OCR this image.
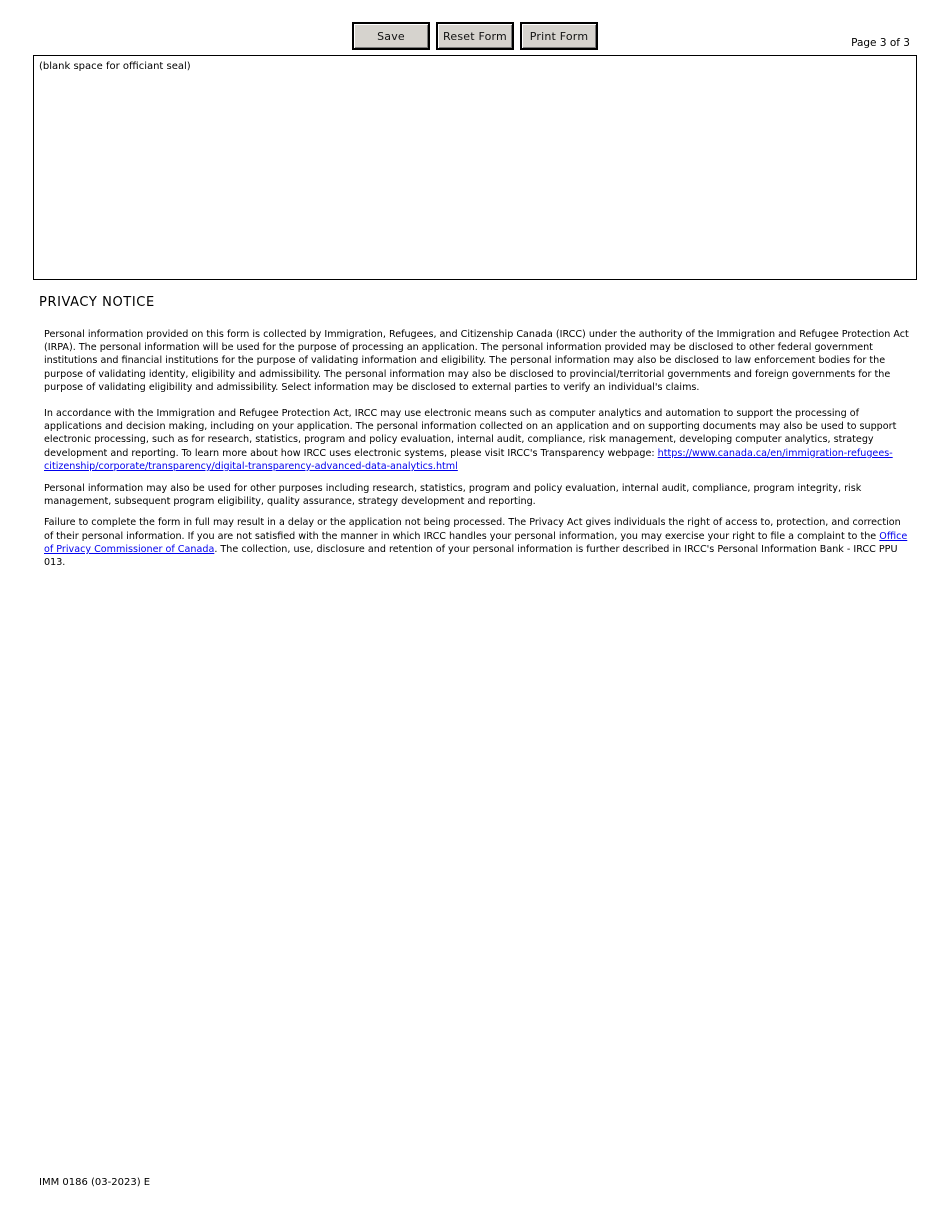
Save	Reset Form	Print Form
Page 3 of 3
(blank space for officiant seal)
PRIVACY NOTICE

Personal information provided on this form is collected by Immigration, Refugees, and Citizenship Canada (IRCC) under the authority of the Immigration and Refugee Protection Act (IRPA). The personal information will be used for the purpose of processing an application. The personal information provided may be disclosed to other federal government institutions and financial institutions for the purpose of validating information and eligibility. The personal information may also be disclosed to law enforcement bodies for the purpose of validating identity, eligibility and admissibility. The personal information may also be disclosed to provincial/territorial governments and foreign governments for the purpose of validating eligibility and admissibility. Select information may be disclosed to external parties to verify an individual's claims.

In accordance with the Immigration and Refugee Protection Act, IRCC may use electronic means such as computer analytics and automation to support the processing of applications and decision making, including on your application. The personal information collected on an application and on supporting documents may also be used to support electronic processing, such as for research, statistics, program and policy evaluation, internal audit, compliance, risk management, developing computer analytics, strategy development and reporting. To learn more about how IRCC uses electronic systems, please visit IRCC's Transparency webpage: https://www.canada.ca/en/immigration-refugees- citizenship/corporate/transparency/digital-transparency-advanced-data-analytics.html

Personal information may also be used for other purposes including research, statistics, program and policy evaluation, internal audit, compliance, program integrity, risk management, subsequent program eligibility, quality assurance, strategy development and reporting.

Failure to complete the form in full may result in a delay or the application not being processed. The Privacy Act gives individuals the right of access to, protection, and correction of their personal information. If you are not satisfied with the manner in which IRCC handles your personal information, you may exercise your right to file a complaint to the Office of Privacy Commissioner of Canada. The collection, use, disclosure and retention of your personal information is further described in IRCC's Personal Information Bank - IRCC PPU 013.

IMM 0186 (03-2023) E
